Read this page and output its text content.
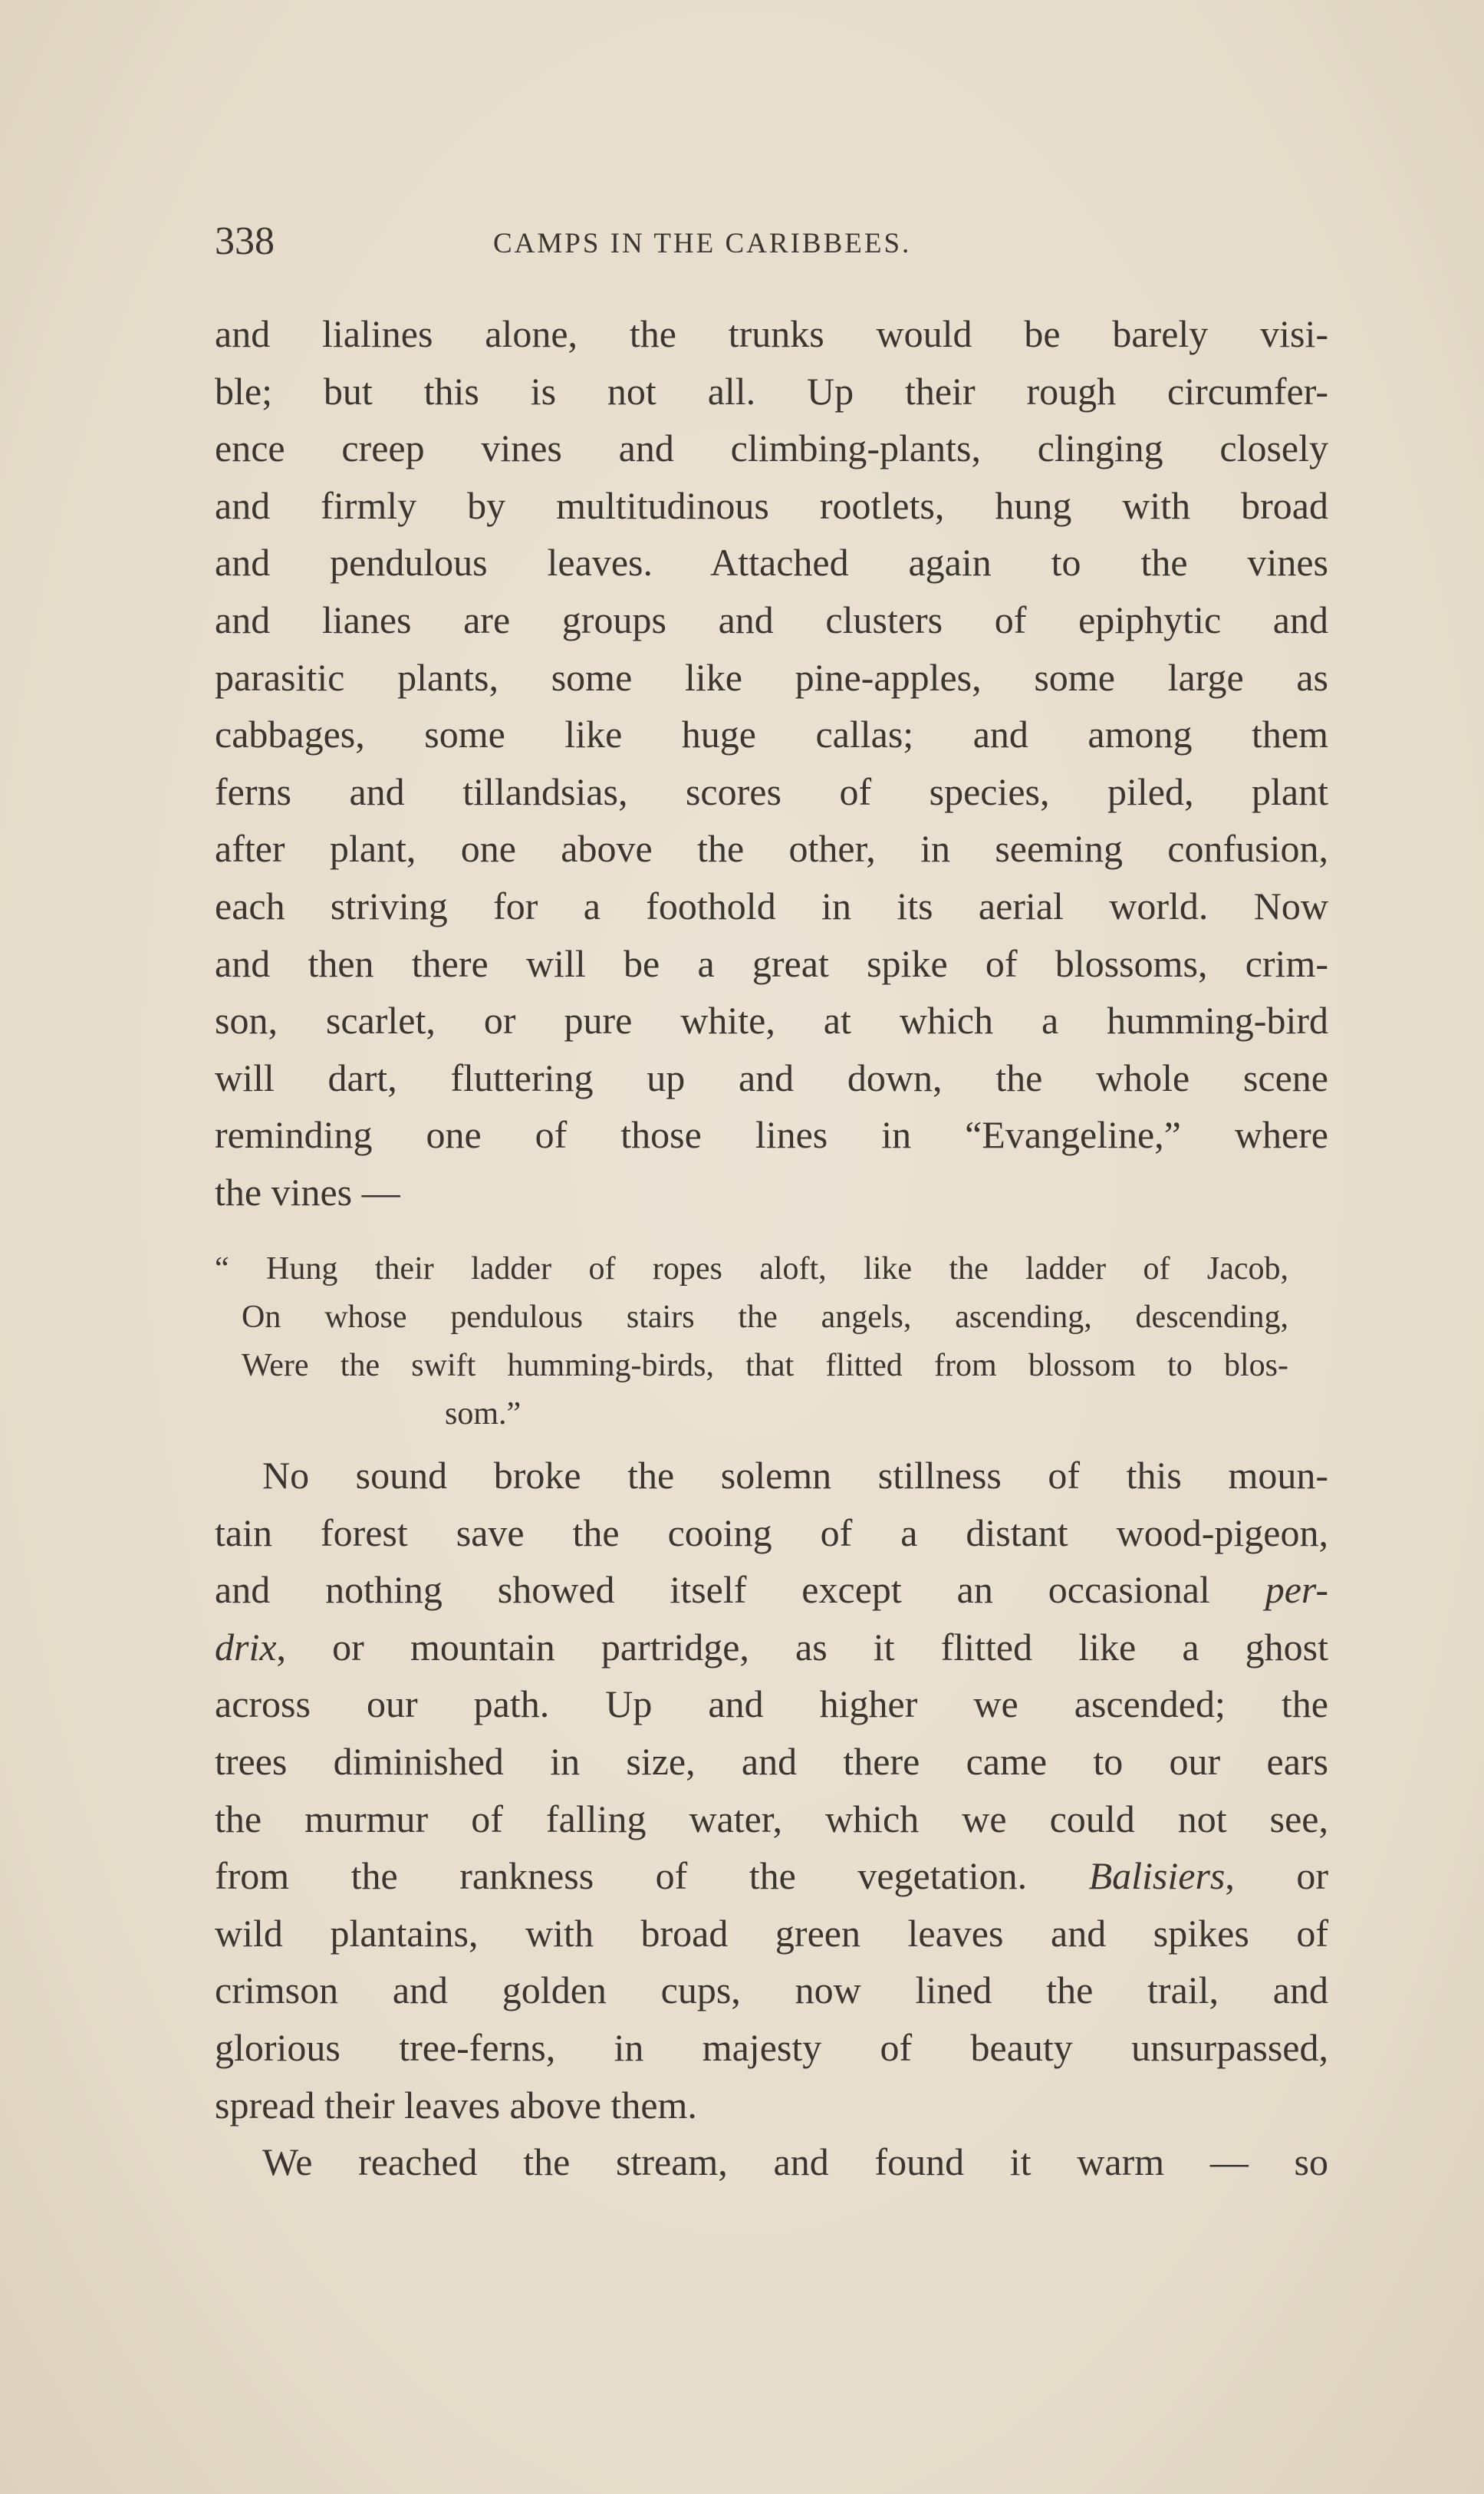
338	CAMPS IN THE CARIBBEES.
and lialines alone, the trunks would be barely visi-
ble; but this is not all. Up their rough circumfer-
ence creep vines and climbing-plants, clinging closely
and firmly by multitudinous rootlets, hung with broad
and pendulous leaves. Attached again to the vines
and lianes are groups and clusters of epiphytic and
parasitic plants, some like pine-apples, some large as
cabbages, some like huge callas; and among them
ferns and tillandsias, scores of species, piled, plant
after plant, one above the other, in seeming confusion,
each striving for a foothold in its aerial world. Now
and then there will be a great spike of blossoms, crim-
son, scarlet, or pure white, at which a humming-bird
will dart, fluttering up and down, the whole scene
reminding one of those lines in “Evangeline,” where
the vines —
“ Hung their ladder of ropes aloft, like the ladder of Jacob,
On whose pendulous stairs the angels, ascending, descending,
Were the swift humming-birds, that flitted from blossom to blos-
som.”
No sound broke the solemn stillness of this moun-
tain forest save the cooing of a distant wood-pigeon,
and nothing showed itself except an occasional per-
drix, or mountain partridge, as it flitted like a ghost
across our path. Up and higher we ascended; the
trees diminished in size, and there came to our ears
the murmur of falling water, which we could not see,
from the rankness of the vegetation. Balisiers, or
wild plantains, with broad green leaves and spikes of
crimson and golden cups, now lined the trail, and
glorious tree-ferns, in majesty of beauty unsurpassed,
spread their leaves above them.
We reached the stream, and found it warm — so
